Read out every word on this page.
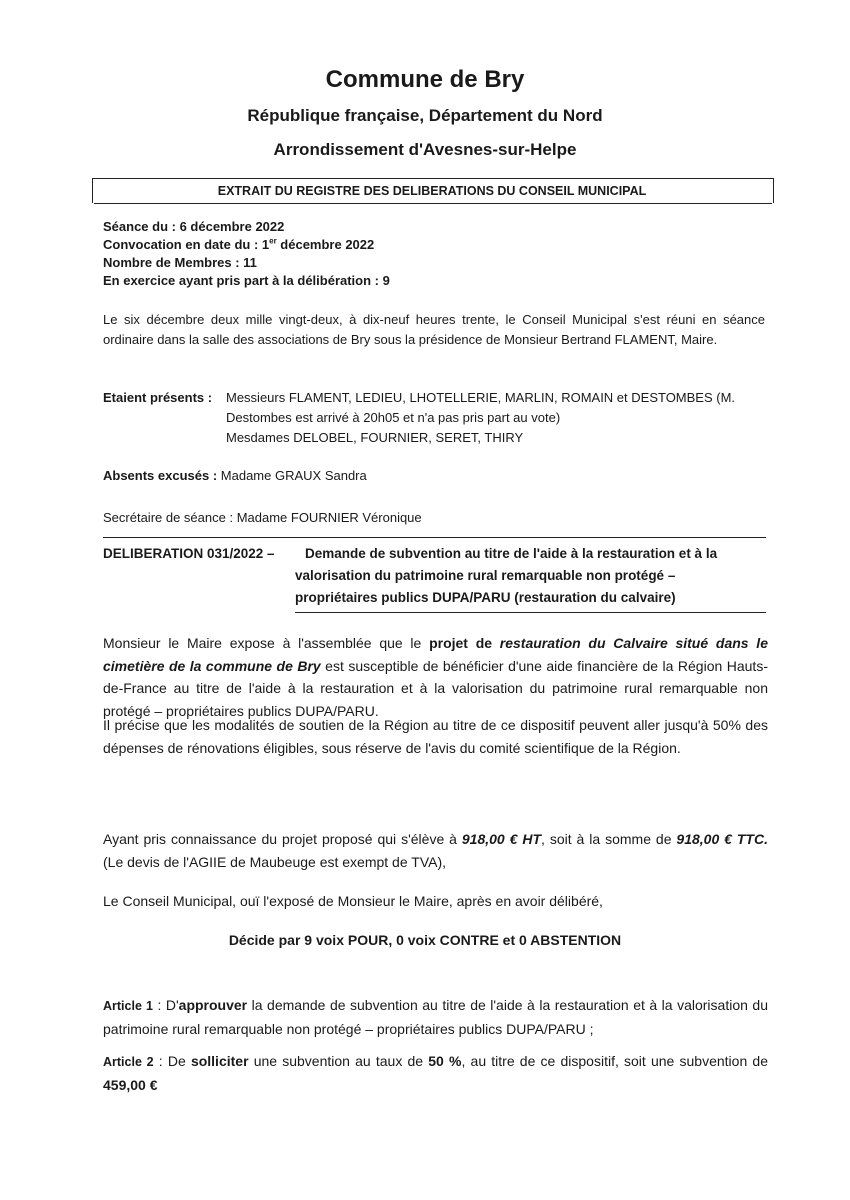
Commune de Bry
République française, Département du Nord
Arrondissement d'Avesnes-sur-Helpe
EXTRAIT DU REGISTRE DES DELIBERATIONS DU CONSEIL MUNICIPAL
Séance du : 6 décembre 2022
Convocation en date du : 1er décembre 2022
Nombre de Membres : 11
En exercice ayant pris part à la délibération : 9
Le six décembre deux mille vingt-deux, à dix-neuf heures trente, le Conseil Municipal s'est réuni en séance ordinaire dans la salle des associations de Bry sous la présidence de Monsieur Bertrand FLAMENT, Maire.
Etaient présents : Messieurs FLAMENT, LEDIEU, LHOTELLERIE, MARLIN, ROMAIN et DESTOMBES (M.
Destombes est arrivé à 20h05 et n'a pas pris part au vote)
Mesdames DELOBEL, FOURNIER, SERET, THIRY
Absents excusés : Madame GRAUX Sandra
Secrétaire de séance : Madame FOURNIER Véronique
DELIBERATION 031/2022 – Demande de subvention au titre de l'aide à la restauration et à la
valorisation du patrimoine rural remarquable non protégé –
propriétaires publics DUPA/PARU (restauration du calvaire)
Monsieur le Maire expose à l'assemblée que le projet de restauration du Calvaire situé dans le cimetière de la commune de Bry est susceptible de bénéficier d'une aide financière de la Région Hauts-de-France au titre de l'aide à la restauration et à la valorisation du patrimoine rural remarquable non protégé – propriétaires publics DUPA/PARU.
Il précise que les modalités de soutien de la Région au titre de ce dispositif peuvent aller jusqu'à 50% des dépenses de rénovations éligibles, sous réserve de l'avis du comité scientifique de la Région.
Ayant pris connaissance du projet proposé qui s'élève à 918,00 € HT, soit à la somme de 918,00 € TTC. (Le devis de l'AGIIE de Maubeuge est exempt de TVA),
Le Conseil Municipal, ouï l'exposé de Monsieur le Maire, après en avoir délibéré,
Décide par 9 voix POUR, 0 voix CONTRE et 0 ABSTENTION
Article 1 : D'approuver la demande de subvention au titre de l'aide à la restauration et à la valorisation du patrimoine rural remarquable non protégé – propriétaires publics DUPA/PARU ;
Article 2 : De solliciter une subvention au taux de 50 %, au titre de ce dispositif, soit une subvention de 459,00 €
